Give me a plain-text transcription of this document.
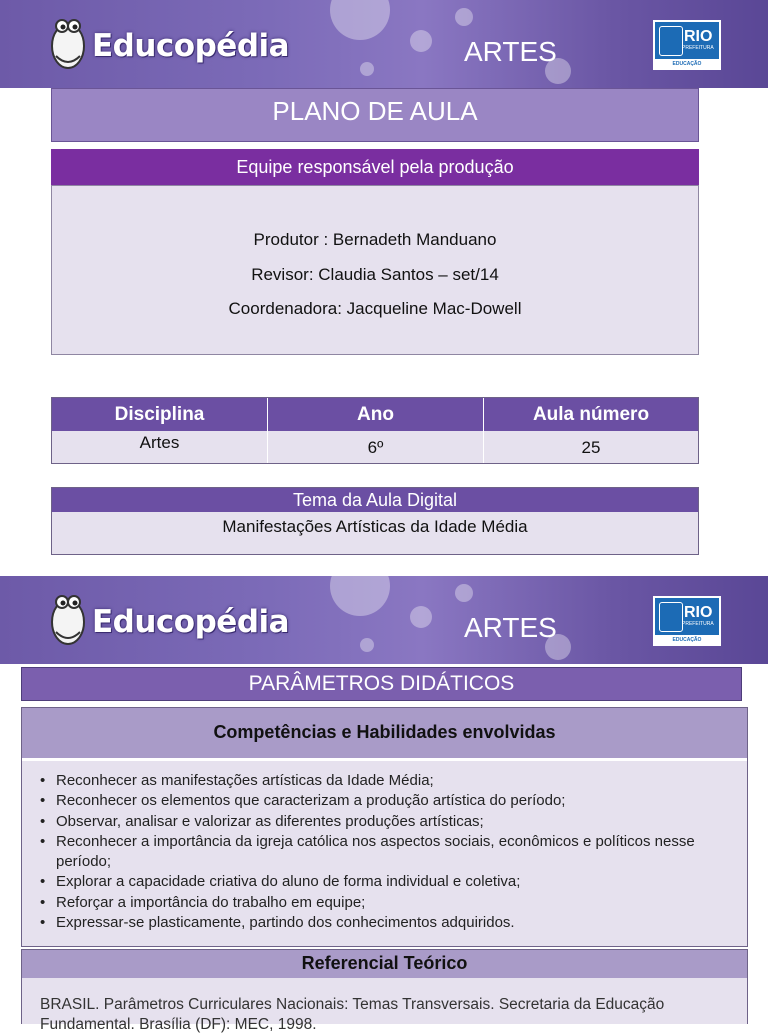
Educopédia	ARTES	RIO
PREFEITURA
EDUCAÇÃO
PLANO DE AULA
Equipe responsável pela produção
Produtor : Bernadeth Manduano
Revisor: Claudia Santos – set/14
Coordenadora: Jacqueline Mac-Dowell
Disciplina	Ano	Aula número
Artes	6º	25
Tema da Aula Digital
Manifestações Artísticas da Idade Média
Educopédia	ARTES	RIO
PREFEITURA
EDUCAÇÃO
PARÂMETROS DIDÁTICOS
Competências e Habilidades envolvidas
• Reconhecer as manifestações artísticas da Idade Média;
• Reconhecer os elementos que caracterizam a produção artística do período;
• Observar, analisar e valorizar as diferentes produções artísticas;
• Reconhecer a importância da igreja católica nos aspectos sociais, econômicos e políticos nesse período;
• Explorar a capacidade criativa do aluno de forma individual e coletiva;
• Reforçar a importância do trabalho em equipe;
• Expressar-se plasticamente, partindo dos conhecimentos adquiridos.
Referencial Teórico
BRASIL. Parâmetros Curriculares Nacionais: Temas Transversais. Secretaria da Educação Fundamental. Brasília (DF): MEC, 1998.
